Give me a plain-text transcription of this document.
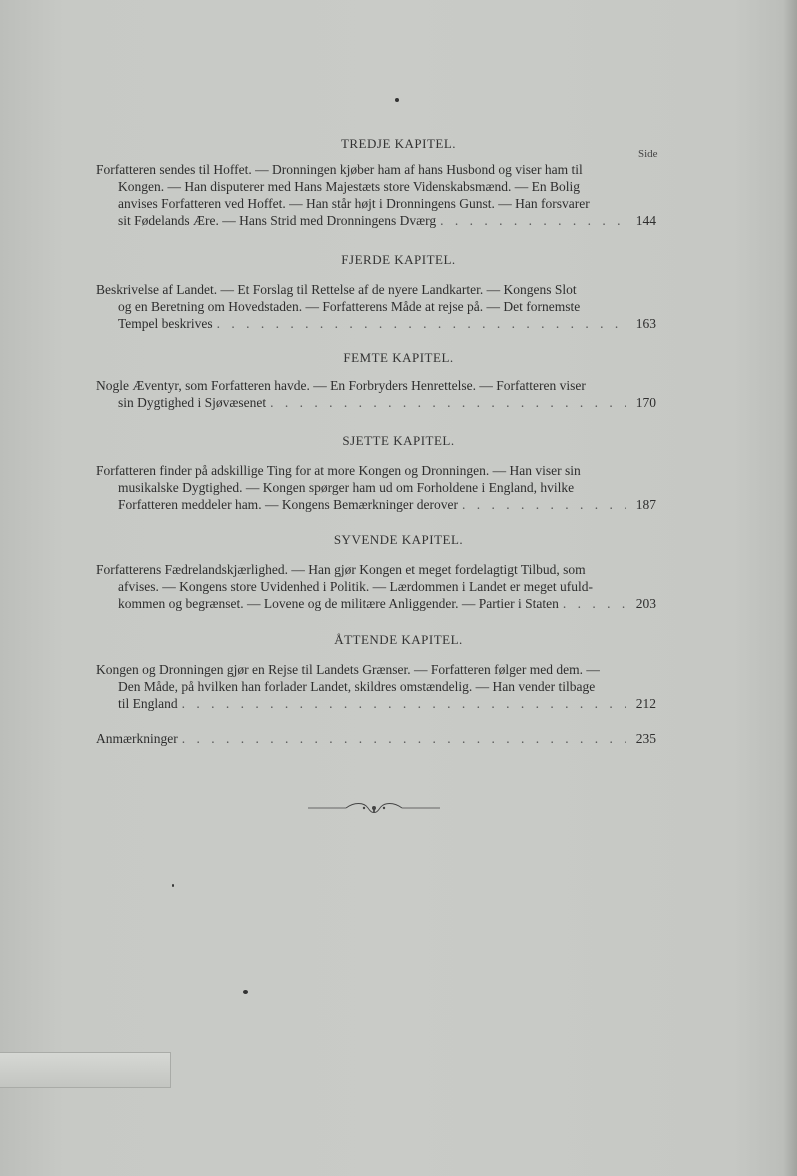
Side
TREDJE KAPITEL.
Forfatteren sendes til Hoffet. — Dronningen kjøber ham af hans Husbond og viser ham til
Kongen. — Han disputerer med Hans Majestæts store Videnskabsmænd. — En Bolig
anvises Forfatteren ved Hoffet. — Han står højt i Dronningens Gunst. — Han forsvarer
sit Fødelands Ære. — Hans Strid med Dronningens Dværg . . .	144
FJERDE KAPITEL.
Beskrivelse af Landet. — Et Forslag til Rettelse af de nyere Landkarter. — Kongens Slot
og en Beretning om Hovedstaden. — Forfatterens Måde at rejse på. — Det fornemste
Tempel beskrives . . .	163
FEMTE KAPITEL.
Nogle Æventyr, som Forfatteren havde. — En Forbryders Henrettelse. — Forfatteren viser
sin Dygtighed i Sjøvæsenet . . .	170
SJETTE KAPITEL.
Forfatteren finder på adskillige Ting for at more Kongen og Dronningen. — Han viser sin
musikalske Dygtighed. — Kongen spørger ham ud om Forholdene i England, hvilke
Forfatteren meddeler ham. — Kongens Bemærkninger derover . . .	187
SYVENDE KAPITEL.
Forfatterens Fædrelandskjærlighed. — Han gjør Kongen et meget fordelagtigt Tilbud, som
afvises. — Kongens store Uvidenhed i Politik. — Lærdommen i Landet er meget ufuld-
kommen og begrænset. — Lovene og de militære Anliggender. — Partier i Staten . . .	203
ÅTTENDE KAPITEL.
Kongen og Dronningen gjør en Rejse til Landets Grænser. — Forfatteren følger med dem. —
Den Måde, på hvilken han forlader Landet, skildres omstændelig. — Han vender tilbage
til England . . .	212
Anmærkninger . . .	235
